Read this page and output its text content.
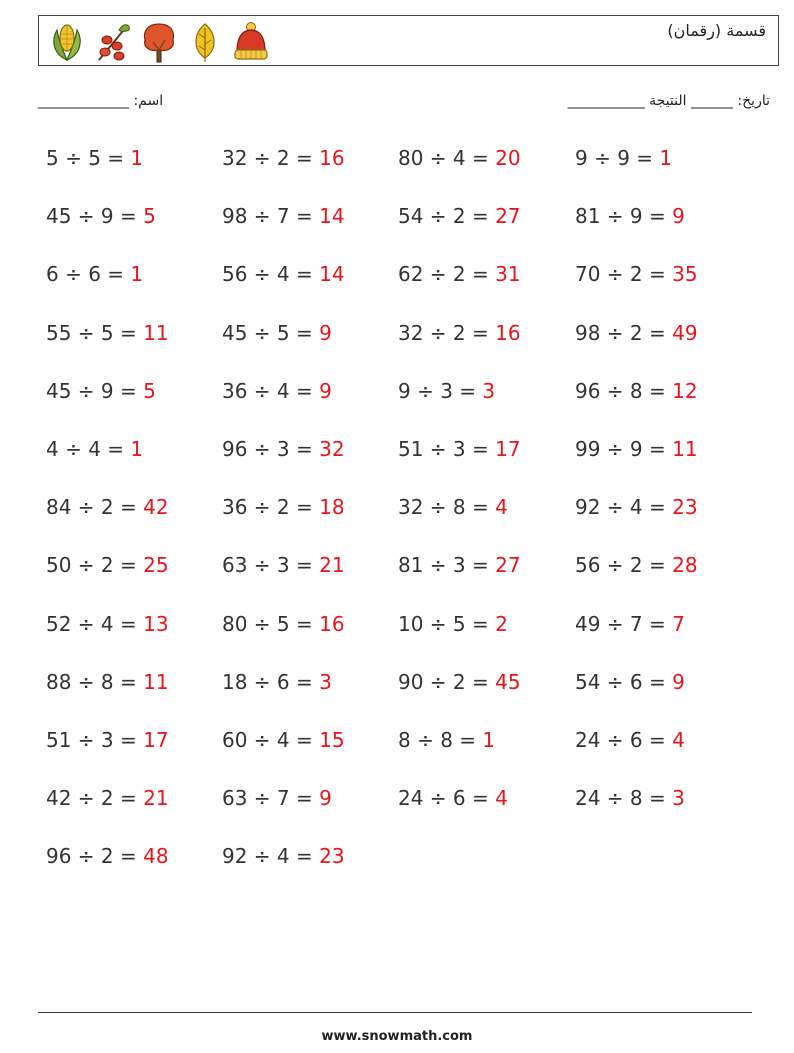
قسمة (رقمان)
اسم: _____________	تاريخ: ______ النتيجة ___________
5 ÷ 5 = 1	32 ÷ 2 = 16	80 ÷ 4 = 20	9 ÷ 9 = 1
45 ÷ 9 = 5	98 ÷ 7 = 14	54 ÷ 2 = 27	81 ÷ 9 = 9
6 ÷ 6 = 1	56 ÷ 4 = 14	62 ÷ 2 = 31	70 ÷ 2 = 35
55 ÷ 5 = 11	45 ÷ 5 = 9	32 ÷ 2 = 16	98 ÷ 2 = 49
45 ÷ 9 = 5	36 ÷ 4 = 9	9 ÷ 3 = 3	96 ÷ 8 = 12
4 ÷ 4 = 1	96 ÷ 3 = 32	51 ÷ 3 = 17	99 ÷ 9 = 11
84 ÷ 2 = 42	36 ÷ 2 = 18	32 ÷ 8 = 4	92 ÷ 4 = 23
50 ÷ 2 = 25	63 ÷ 3 = 21	81 ÷ 3 = 27	56 ÷ 2 = 28
52 ÷ 4 = 13	80 ÷ 5 = 16	10 ÷ 5 = 2	49 ÷ 7 = 7
88 ÷ 8 = 11	18 ÷ 6 = 3	90 ÷ 2 = 45	54 ÷ 6 = 9
51 ÷ 3 = 17	60 ÷ 4 = 15	8 ÷ 8 = 1	24 ÷ 6 = 4
42 ÷ 2 = 21	63 ÷ 7 = 9	24 ÷ 6 = 4	24 ÷ 8 = 3
96 ÷ 2 = 48	92 ÷ 4 = 23
www.snowmath.com
